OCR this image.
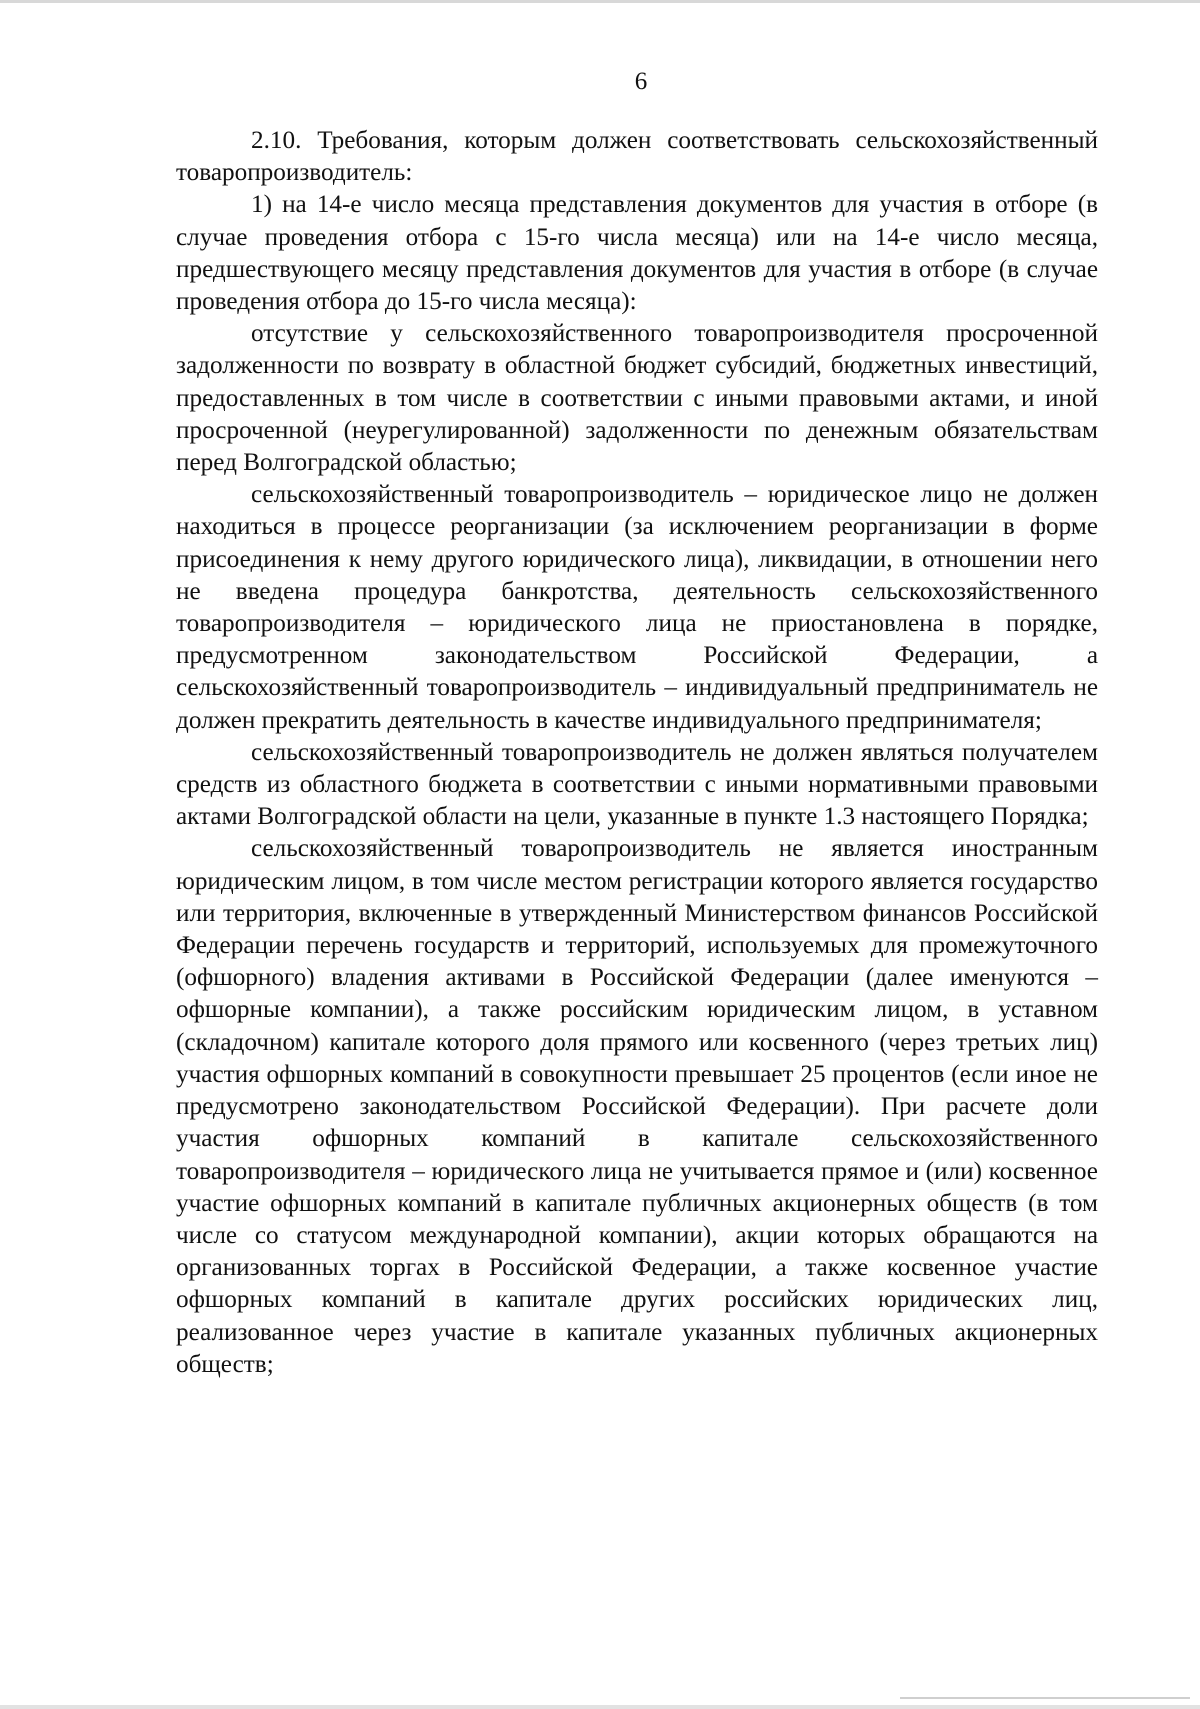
6

2.10. Требования, которым должен соответствовать сельскохозяйственный товаропроизводитель:

1) на 14-е число месяца представления документов для участия в отборе (в случае проведения отбора с 15-го числа месяца) или на 14-е число месяца, предшествующего месяцу представления документов для участия в отборе (в случае проведения отбора до 15-го числа месяца):

отсутствие у сельскохозяйственного товаропроизводителя просроченной задолженности по возврату в областной бюджет субсидий, бюджетных инвестиций, предоставленных в том числе в соответствии с иными правовыми актами, и иной просроченной (неурегулированной) задолженности по денежным обязательствам перед Волгоградской областью;

сельскохозяйственный товаропроизводитель – юридическое лицо не должен находиться в процессе реорганизации (за исключением реорганизации в форме присоединения к нему другого юридического лица), ликвидации, в отношении него не введена процедура банкротства, деятельность сельскохозяйственного товаропроизводителя – юридического лица не приостановлена в порядке, предусмотренном законодательством Российской Федерации, а сельскохозяйственный товаропроизводитель – индивидуальный предприниматель не должен прекратить деятельность в качестве индивидуального предпринимателя;

сельскохозяйственный товаропроизводитель не должен являться получателем средств из областного бюджета в соответствии с иными нормативными правовыми актами Волгоградской области на цели, указанные в пункте 1.3 настоящего Порядка;

сельскохозяйственный товаропроизводитель не является иностранным юридическим лицом, в том числе местом регистрации которого является государство или территория, включенные в утвержденный Министерством финансов Российской Федерации перечень государств и территорий, используемых для промежуточного (офшорного) владения активами в Российской Федерации (далее именуются – офшорные компании), а также российским юридическим лицом, в уставном (складочном) капитале которого доля прямого или косвенного (через третьих лиц) участия офшорных компаний в совокупности превышает 25 процентов (если иное не предусмотрено законодательством Российской Федерации). При расчете доли участия офшорных компаний в капитале сельскохозяйственного товаропроизводителя – юридического лица не учитывается прямое и (или) косвенное участие офшорных компаний в капитале публичных акционерных обществ (в том числе со статусом международной компании), акции которых обращаются на организованных торгах в Российской Федерации, а также косвенное участие офшорных компаний в капитале других российских юридических лиц, реализованное через участие в капитале указанных публичных акционерных обществ;
